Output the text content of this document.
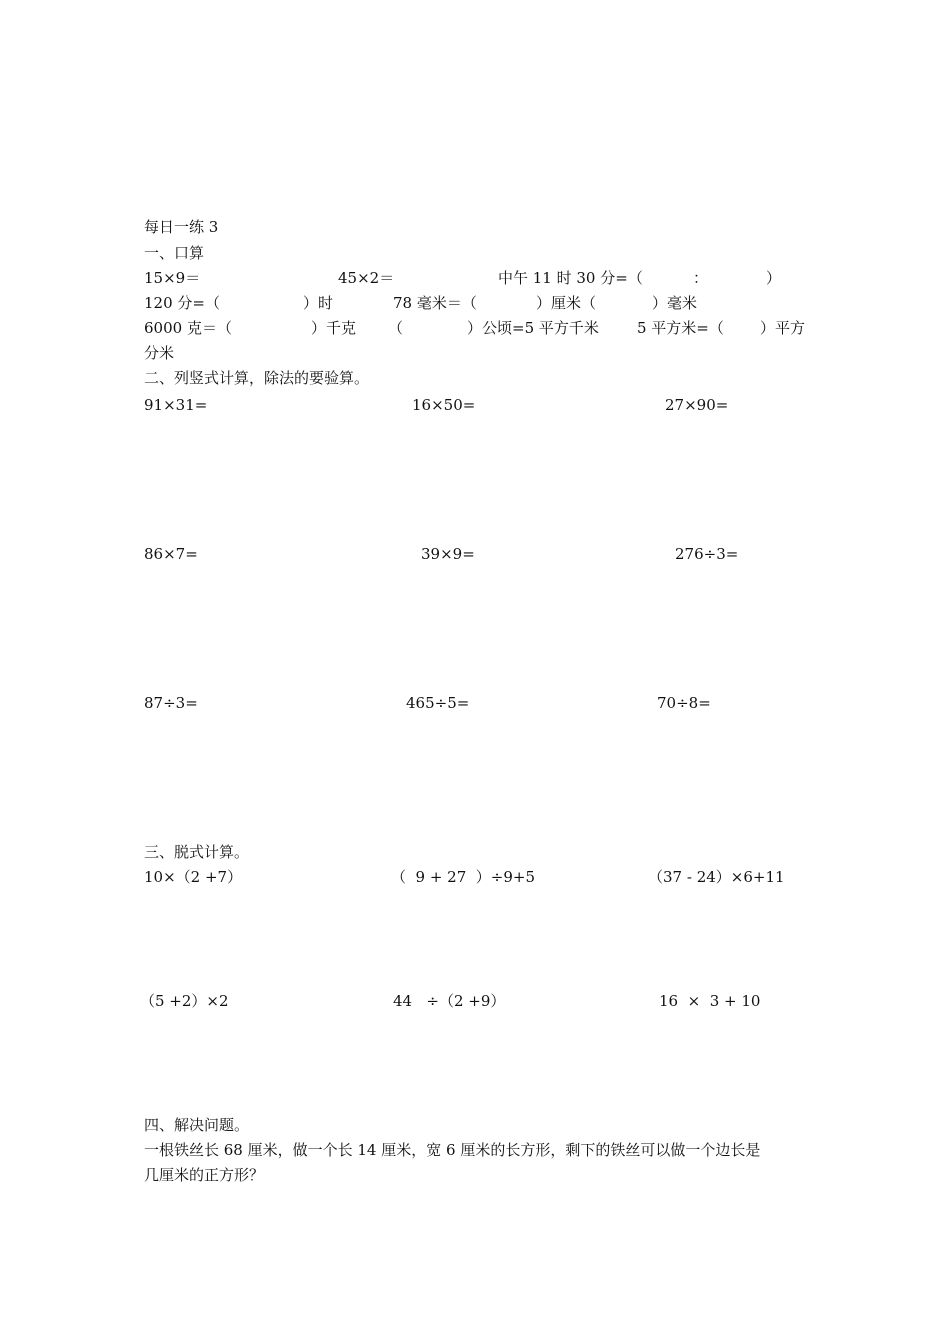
每日一练 3
一、口算
15×9＝	45×2＝	中午 11 时 30 分=（	：	）
120 分=（	）时	78 毫米＝（	）厘米（	）毫米
6000 克＝（	）千克 （	）公顷=5 平方千米	5 平方米=（ ）平方
分米
二、列竖式计算，除法的要验算。
91×31=	16×50=	27×90=
86×7=	39×9=	276÷3=
87÷3=	465÷5=	70÷8=
三、脱式计算。
10×（2 +7）	（  9 + 27  ）÷9+5	（37 - 24）×6+11
（5 +2）×2	44   ÷（2 +9）	16  ×  3 + 10
四、解决问题。
一根铁丝长 68 厘米，做一个长 14 厘米，宽 6 厘米的长方形，剩下的铁丝可以做一个边长是
几厘米的正方形？
